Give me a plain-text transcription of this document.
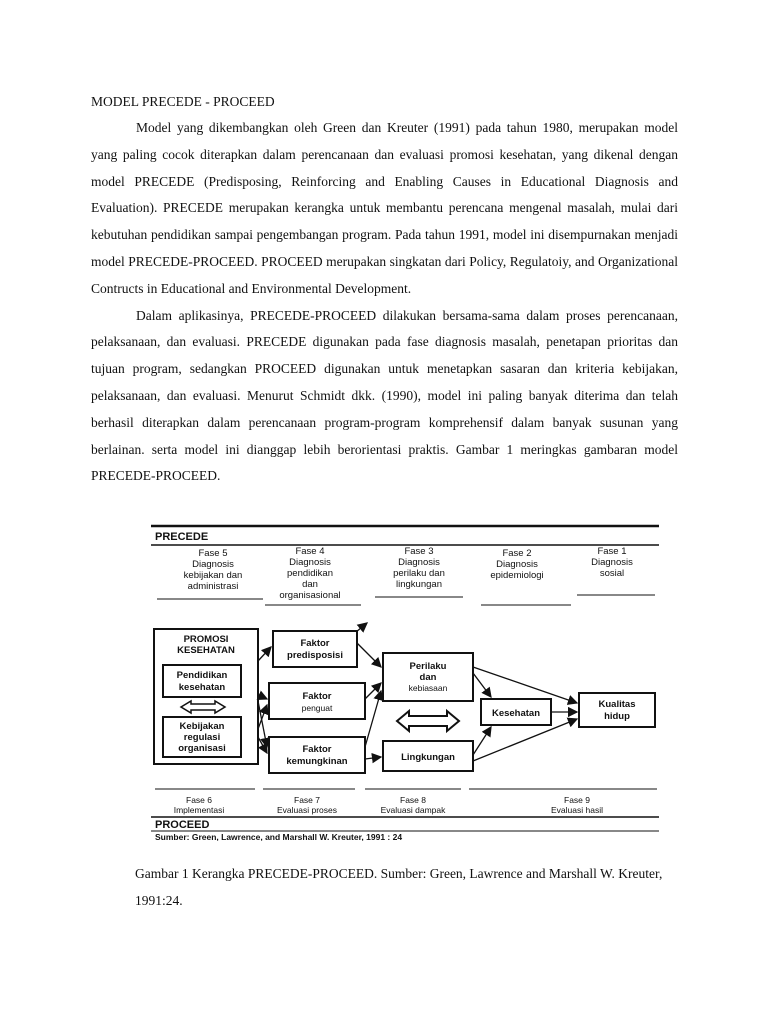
MODEL PRECEDE - PROCEED

Model yang dikembangkan oleh Green dan Kreuter (1991) pada tahun 1980, merupakan model yang paling cocok diterapkan dalam perencanaan dan evaluasi promosi kesehatan, yang dikenal dengan model PRECEDE (Predisposing, Reinforcing and Enabling Causes in Educational Diagnosis and Evaluation). PRECEDE merupakan kerangka untuk membantu perencana mengenal masalah, mulai dari kebutuhan pendidikan sampai pengembangan program. Pada tahun 1991, model ini disempurnakan menjadi model PRECEDE-PROCEED. PROCEED merupakan singkatan dari Policy, Regulatoiy, and Organizational Contructs in Educational and Environmental Development.

Dalam aplikasinya, PRECEDE-PROCEED dilakukan bersama-sama dalam proses perencanaan, pelaksanaan, dan evaluasi. PRECEDE digunakan pada fase diagnosis masalah, penetapan prioritas dan tujuan program, sedangkan PROCEED digunakan untuk menetapkan sasaran dan kriteria kebijakan, pelaksanaan, dan evaluasi. Menurut Schmidt dkk. (1990), model ini paling banyak diterima dan telah berhasil diterapkan dalam perencanaan program-program komprehensif dalam banyak susunan yang berlainan. serta model ini dianggap lebih berorientasi praktis. Gambar 1 meringkas gambaran model PRECEDE-PROCEED.

PRECEDE
Fase 5
Diagnosis
kebijakan dan
administrasi
Fase 4
Diagnosis
pendidikan
dan
organisasional
Fase 3
Diagnosis
perilaku dan
lingkungan
Fase 2
Diagnosis
epidemiologi
Fase 1
Diagnosis
sosial
PROMOSI
KESEHATAN
Pendidikan
kesehatan
Kebijakan
regulasi
organisasi
Faktor
predisposisi
Faktor
penguat
Faktor
kemungkinan
Perilaku
dan
kebiasaan
Lingkungan
Kesehatan
Kualitas
hidup
Fase 6
Implementasi
Fase 7
Evaluasi proses
Fase 8
Evaluasi dampak
Fase 9
Evaluasi hasil
PROCEED
Sumber: Green, Lawrence, and Marshall W. Kreuter, 1991 : 24

Gambar 1 Kerangka PRECEDE-PROCEED. Sumber: Green, Lawrence and Marshall W. Kreuter, 1991:24.
